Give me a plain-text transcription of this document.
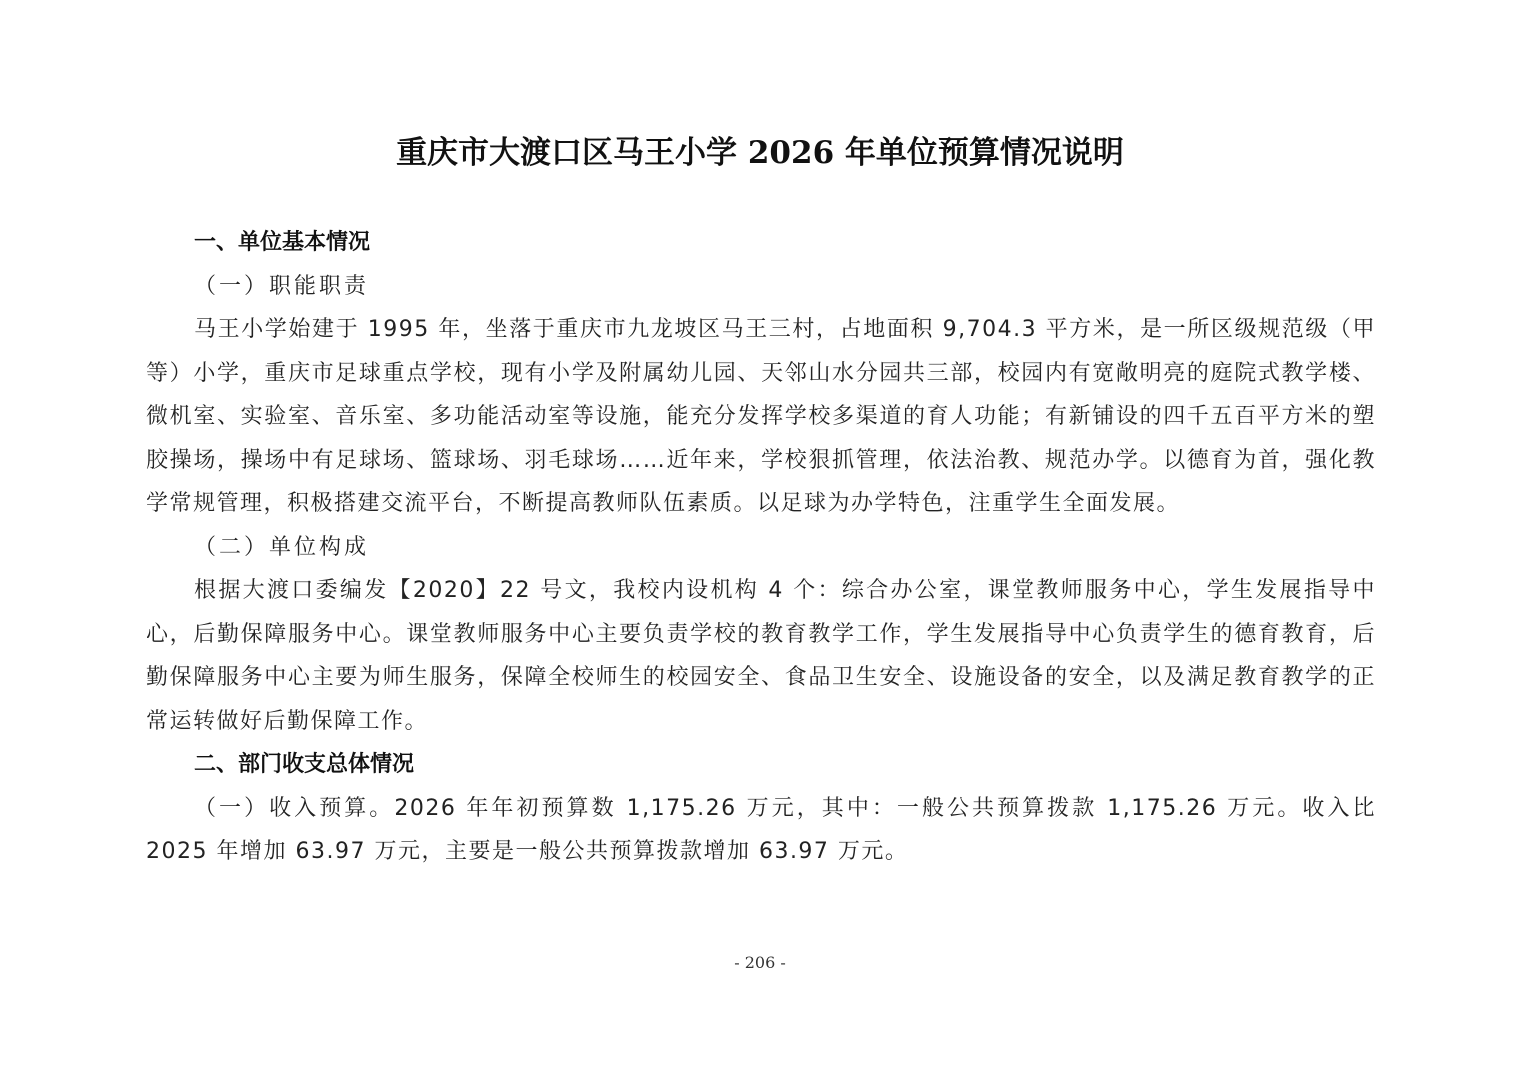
重庆市大渡口区马王小学 2026 年单位预算情况说明
一、单位基本情况
（一）职能职责
马王小学始建于 1995 年，坐落于重庆市九龙坡区马王三村，占地面积 9,704.3 平方米，是一所区级规范级（甲等）小学，重庆市足球重点学校，现有小学及附属幼儿园、天邻山水分园共三部，校园内有宽敞明亮的庭院式教学楼、微机室、实验室、音乐室、多功能活动室等设施，能充分发挥学校多渠道的育人功能；有新铺设的四千五百平方米的塑胶操场，操场中有足球场、篮球场、羽毛球场……近年来，学校狠抓管理，依法治教、规范办学。以德育为首，强化教学常规管理，积极搭建交流平台，不断提高教师队伍素质。以足球为办学特色，注重学生全面发展。
（二）单位构成
根据大渡口委编发【2020】22 号文，我校内设机构 4 个：综合办公室，课堂教师服务中心，学生发展指导中心，后勤保障服务中心。课堂教师服务中心主要负责学校的教育教学工作，学生发展指导中心负责学生的德育教育，后勤保障服务中心主要为师生服务，保障全校师生的校园安全、食品卫生安全、设施设备的安全，以及满足教育教学的正常运转做好后勤保障工作。
二、部门收支总体情况
（一）收入预算。2026 年年初预算数 1,175.26 万元，其中：一般公共预算拨款 1,175.26 万元。收入比 2025 年增加 63.97 万元，主要是一般公共预算拨款增加 63.97 万元。
- 206 -
